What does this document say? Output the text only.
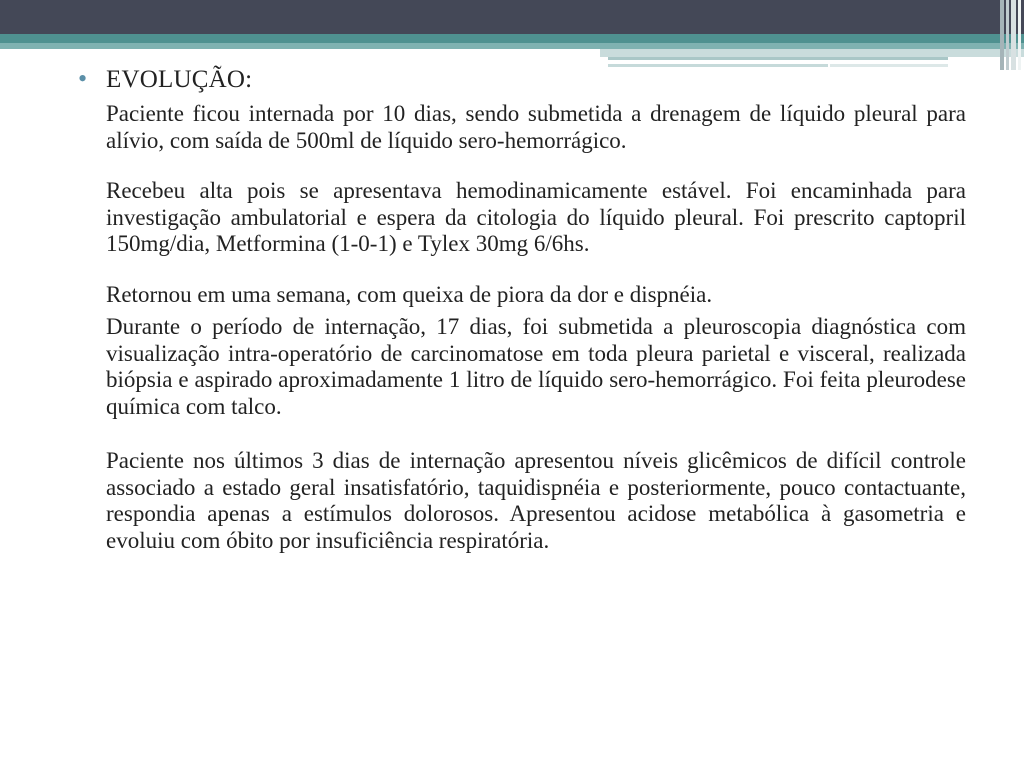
• EVOLUÇÃO:
Paciente ficou internada por 10 dias, sendo submetida a drenagem de líquido pleural para alívio, com saída de 500ml de líquido sero-hemorrágico.
Recebeu alta pois se apresentava hemodinamicamente estável. Foi encaminhada para investigação ambulatorial e espera da citologia do líquido pleural. Foi prescrito captopril 150mg/dia, Metformina (1-0-1) e Tylex 30mg 6/6hs.
Retornou em uma semana, com queixa de piora da dor e dispnéia.
Durante o período de internação, 17 dias, foi submetida a pleuroscopia diagnóstica com visualização intra-operatório de carcinomatose em toda pleura parietal e visceral, realizada biópsia e aspirado aproximadamente 1 litro de líquido sero-hemorrágico. Foi feita pleurodese química com talco.
Paciente nos últimos 3 dias de internação apresentou níveis glicêmicos de difícil controle associado a estado geral insatisfatório, taquidispnéia e posteriormente, pouco contactuante, respondia apenas a estímulos dolorosos. Apresentou acidose metabólica à gasometria e evoluiu com óbito por insuficiência respiratória.
